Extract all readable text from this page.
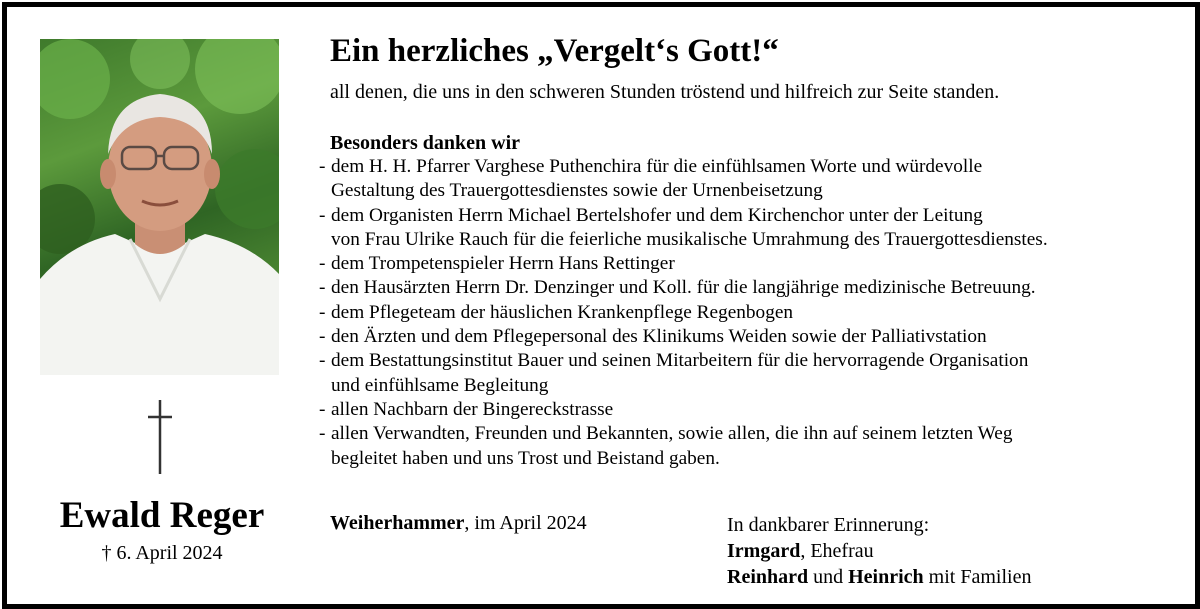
Ewald Reger
† 6. April 2024
Ein herzliches „Vergelt‘s Gott!“
all denen, die uns in den schweren Stunden tröstend und hilfreich zur Seite standen.
Besonders danken wir
- dem H. H. Pfarrer Varghese Puthenchira für die einfühlsamen Worte und würdevolle
Gestaltung des Trauergottesdienstes sowie der Urnenbeisetzung
- dem Organisten Herrn Michael Bertelshofer und dem Kirchenchor unter der Leitung
von Frau Ulrike Rauch für die feierliche musikalische Umrahmung des Trauergottesdienstes.
- dem Trompetenspieler Herrn Hans Rettinger
- den Hausärzten Herrn Dr. Denzinger und Koll. für die langjährige medizinische Betreuung.
- dem Pflegeteam der häuslichen Krankenpflege Regenbogen
- den Ärzten und dem Pflegepersonal des Klinikums Weiden sowie der Palliativstation
- dem Bestattungsinstitut Bauer und seinen Mitarbeitern für die hervorragende Organisation
und einfühlsame Begleitung
- allen Nachbarn der Bingereckstrasse
- allen Verwandten, Freunden und Bekannten, sowie allen, die ihn auf seinem letzten Weg
begleitet haben und uns Trost und Beistand gaben.
Weiherhammer, im April 2024	In dankbarer Erinnerung:
Irmgard, Ehefrau
Reinhard und Heinrich mit Familien
